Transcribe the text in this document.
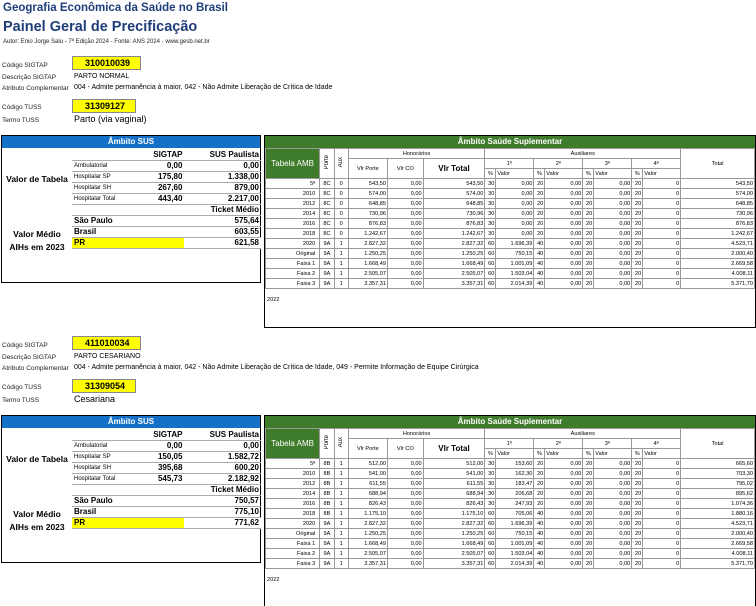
Geografia Econômica da Saúde no Brasil
Painel Geral de Precificação
Autor: Enio Jorge Salu - 7ª Edição 2024 - Fonte: ANS 2024 - www.gesb.net.br
Código SIGTAP	310010039
Descrição SIGTAP	PARTO NORMAL
Atributo Complementar 004 - Admite permanência à maior, 042 - Não Admite Liberação de Crítica de Idade
Código TUSS	31309127
Termo TUSS	Parto (via vaginal)
Âmbito SUS
	SIGTAP	SUS Paulista
Ambulatorial	0,00	0,00
Hospitalar SP	175,80	1.338,00
Hospitalar SH	267,60	879,00
Hospitalar Total	443,40	2.217,00
		Ticket Médio
São Paulo		575,64
Brasil		603,55
PR		621,58
Valor de Tabela
Valor Médio AIHs em 2023
Âmbito Saúde Suplementar
Tabela AMB	Porte	Aux	Honorários			Auxiliares								Total
			Vlr Porte	Vlr CO	Vlr Total	1º		2º		3º		4º		
						%	Valor	%	Valor	%	Valor	%	Valor	
5ª	8C	0	543,50	0,00	543,50	30	0,00	20	0,00	20	0,00	20	0	543,50
2010	8C	0	574,00	0,00	574,00	30	0,00	20	0,00	20	0,00	20	0	574,00
2012	8C	0	648,85	0,00	648,85	30	0,00	20	0,00	20	0,00	20	0	648,85
2014	8C	0	730,96	0,00	730,96	30	0,00	20	0,00	20	0,00	20	0	730,96
2016	8C	0	876,83	0,00	876,83	30	0,00	20	0,00	20	0,00	20	0	876,83
2018	8C	0	1.242,67	0,00	1.242,67	30	0,00	20	0,00	20	0,00	20	0	1.242,67
2020	9A	1	2.827,32	0,00	2.827,32	60	1.696,39	40	0,00	20	0,00	20	0	4.523,71
Original	9A	1	1.250,25	0,00	1.250,25	60	750,15	40	0,00	20	0,00	20	0	2.000,40
Faixa 1	9A	1	1.668,49	0,00	1.668,49	60	1.001,09	40	0,00	20	0,00	20	0	2.669,58
Faixa 2	9A	1	2.505,07	0,00	2.505,07	60	1.503,04	40	0,00	20	0,00	20	0	4.008,11
Faixa 3	9A	1	3.357,31	0,00	3.357,31	60	2.014,39	40	0,00	20	0,00	20	0	5.371,70
2022
Código SIGTAP	411010034
Descrição SIGTAP	PARTO CESARIANO
Atributo Complementar 004 - Admite permanência à maior, 042 - Não Admite Liberação de Crítica de Idade, 049 - Permite Informação de Equipe Cirúrgica
Código TUSS	31309054
Termo TUSS	Cesariana
Âmbito SUS
	SIGTAP	SUS Paulista
Ambulatorial	0,00	0,00
Hospitalar SP	150,05	1.582,72
Hospitalar SH	395,68	600,20
Hospitalar Total	545,73	2.182,92
		Ticket Médio
São Paulo		750,57
Brasil		775,10
PR		771,62
Valor de Tabela
Valor Médio AIHs em 2023
Âmbito Saúde Suplementar
Tabela AMB	Porte	Aux	Honorários			Auxiliares								Total
			Vlr Porte	Vlr CO	Vlr Total	1º		2º		3º		4º		
						%	Valor	%	Valor	%	Valor	%	Valor	
5ª	8B	1	512,00	0,00	512,00	30	153,60	20	0,00	20	0,00	20	0	665,60
2010	8B	1	541,00	0,00	541,00	30	162,30	20	0,00	20	0,00	20	0	703,30
2012	8B	1	611,55	0,00	611,55	30	183,47	20	0,00	20	0,00	20	0	795,02
2014	8B	1	688,94	0,00	688,94	30	206,68	20	0,00	20	0,00	20	0	895,62
2016	8B	1	826,43	0,00	826,43	30	247,93	20	0,00	20	0,00	20	0	1.074,36
2018	8B	1	1.175,10	0,00	1.175,10	60	705,06	40	0,00	20	0,00	20	0	1.880,16
2020	9A	1	2.827,32	0,00	2.827,32	60	1.696,39	40	0,00	20	0,00	20	0	4.523,71
Original	9A	1	1.250,25	0,00	1.250,25	60	750,15	40	0,00	20	0,00	20	0	2.000,40
Faixa 1	9A	1	1.668,49	0,00	1.668,49	60	1.001,09	40	0,00	20	0,00	20	0	2.669,58
Faixa 2	9A	1	2.505,07	0,00	2.505,07	60	1.503,04	40	0,00	20	0,00	20	0	4.008,11
Faixa 3	9A	1	3.357,31	0,00	3.357,31	60	2.014,39	40	0,00	20	0,00	20	0	5.371,70
2022
